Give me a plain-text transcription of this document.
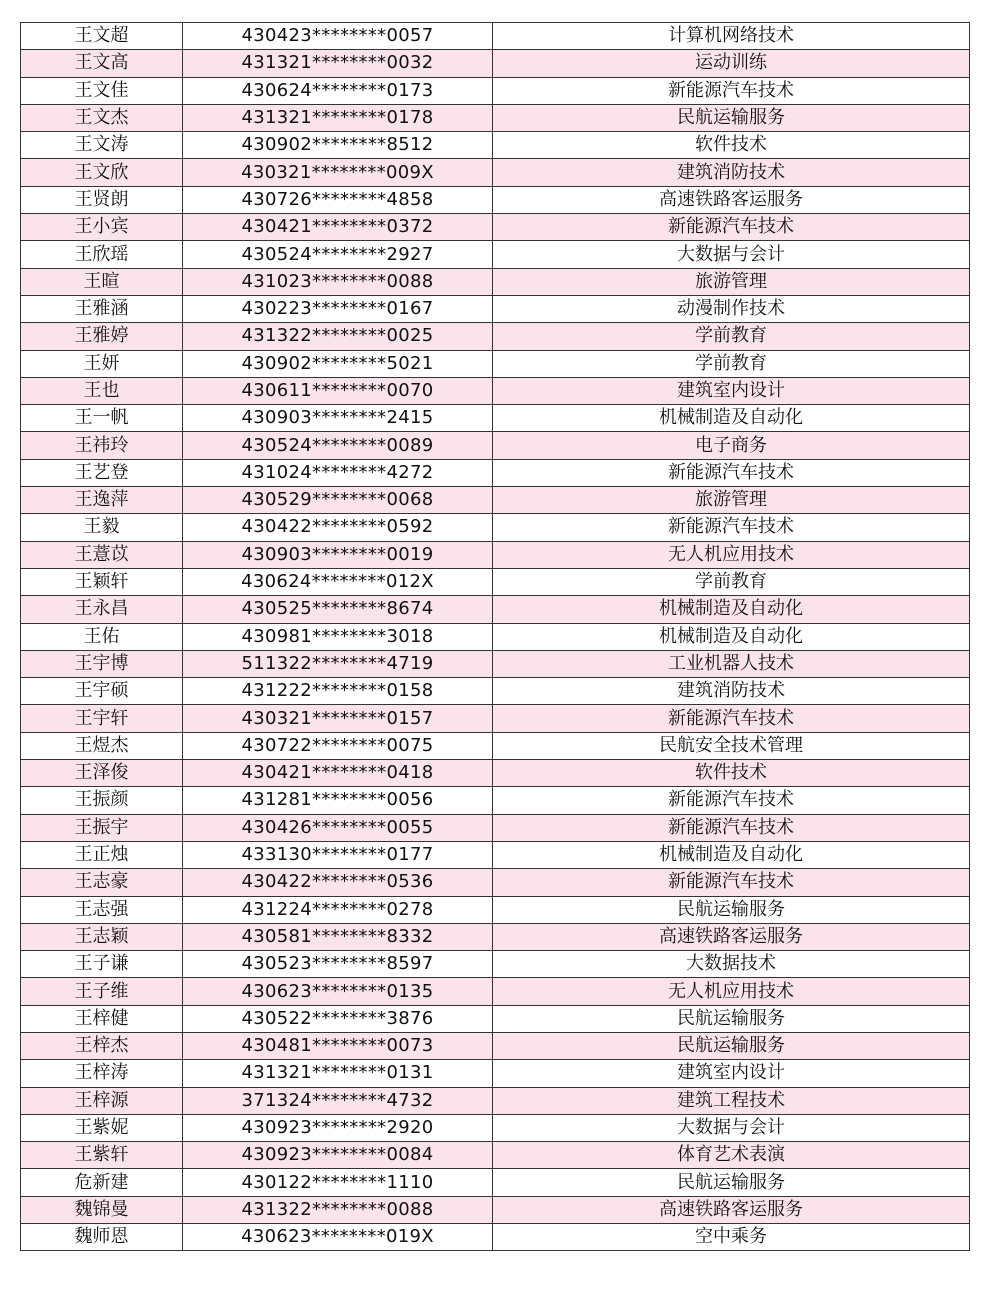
王文超	430423********0057	计算机网络技术
王文高	431321********0032	运动训练
王文佳	430624********0173	新能源汽车技术
王文杰	431321********0178	民航运输服务
王文涛	430902********8512	软件技术
王文欣	430321********009X	建筑消防技术
王贤朗	430726********4858	高速铁路客运服务
王小宾	430421********0372	新能源汽车技术
王欣瑶	430524********2927	大数据与会计
王暄	431023********0088	旅游管理
王雅涵	430223********0167	动漫制作技术
王雅婷	431322********0025	学前教育
王妍	430902********5021	学前教育
王也	430611********0070	建筑室内设计
王一帆	430903********2415	机械制造及自动化
王祎玲	430524********0089	电子商务
王艺登	431024********4272	新能源汽车技术
王逸萍	430529********0068	旅游管理
王毅	430422********0592	新能源汽车技术
王薏苡	430903********0019	无人机应用技术
王颖轩	430624********012X	学前教育
王永昌	430525********8674	机械制造及自动化
王佑	430981********3018	机械制造及自动化
王宇博	511322********4719	工业机器人技术
王宇硕	431222********0158	建筑消防技术
王宇轩	430321********0157	新能源汽车技术
王煜杰	430722********0075	民航安全技术管理
王泽俊	430421********0418	软件技术
王振颜	431281********0056	新能源汽车技术
王振宇	430426********0055	新能源汽车技术
王正烛	433130********0177	机械制造及自动化
王志豪	430422********0536	新能源汽车技术
王志强	431224********0278	民航运输服务
王志颖	430581********8332	高速铁路客运服务
王子谦	430523********8597	大数据技术
王子维	430623********0135	无人机应用技术
王梓健	430522********3876	民航运输服务
王梓杰	430481********0073	民航运输服务
王梓涛	431321********0131	建筑室内设计
王梓源	371324********4732	建筑工程技术
王紫妮	430923********2920	大数据与会计
王紫轩	430923********0084	体育艺术表演
危新建	430122********1110	民航运输服务
魏锦曼	431322********0088	高速铁路客运服务
魏师恩	430623********019X	空中乘务
